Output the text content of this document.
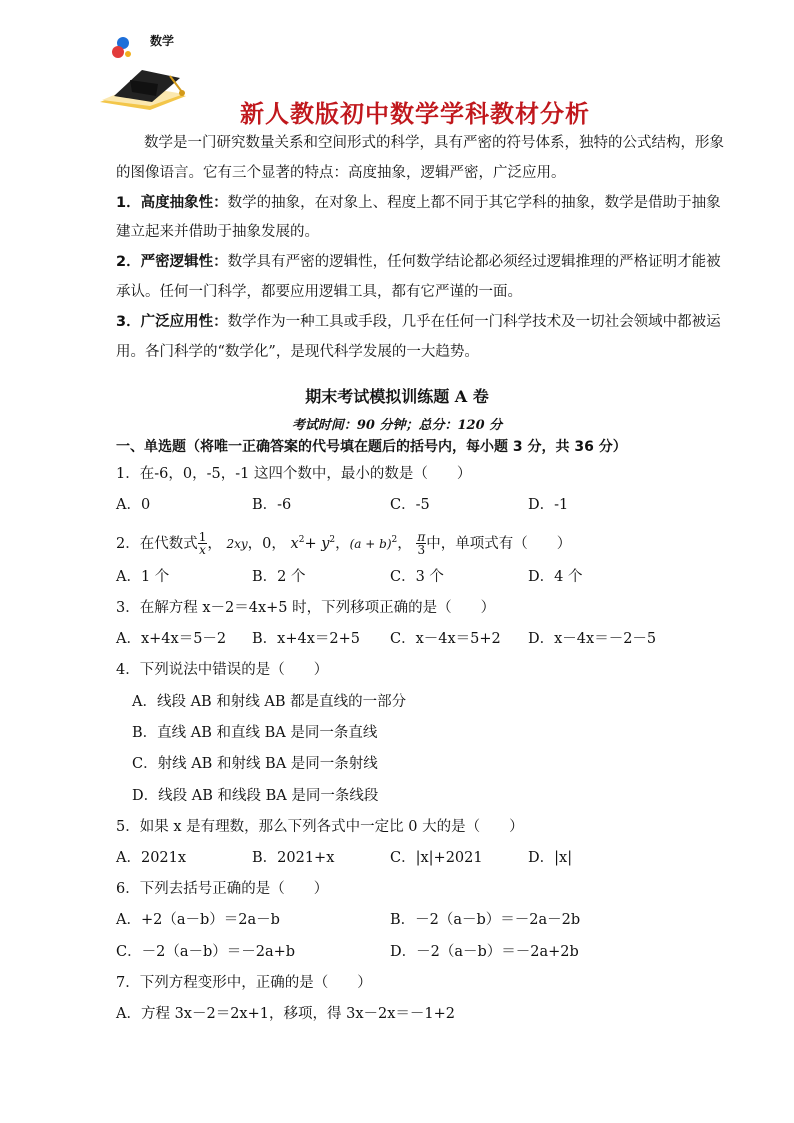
数学
新人教版初中数学学科教材分析
数学是一门研究数量关系和空间形式的科学，具有严密的符号体系，独特的公式结构，形象
的图像语言。它有三个显著的特点：高度抽象，逻辑严密，广泛应用。
1．高度抽象性：数学的抽象，在对象上、程度上都不同于其它学科的抽象，数学是借助于抽象
建立起来并借助于抽象发展的。
2．严密逻辑性：数学具有严密的逻辑性，任何数学结论都必须经过逻辑推理的严格证明才能被
承认。任何一门科学，都要应用逻辑工具，都有它严谨的一面。
3．广泛应用性：数学作为一种工具或手段，几乎在任何一门科学技术及一切社会领域中都被运
用。各门科学的“数学化”，是现代科学发展的一大趋势。
期末考试模拟训练题 A 卷
考试时间：90 分钟；总分：120 分
一、单选题（将唯一正确答案的代号填在题后的括号内，每小题 3 分，共 36 分）
1．在-6，0，-5，-1 这四个数中，最小的数是（　　）
A．0	B．-6	C．-5	D．-1
2．在代数式 $\frac{1}{x}$ ， 2xy，0， $x^2+ y^2$，$(a + b)^2$， $\frac{\pi}{3}$ 中，单项式有（　　）
A．1 个	B．2 个	C．3 个	D．4 个
3．在解方程 x－2＝4x+5 时，下列移项正确的是（　　）
A．x+4x＝5－2 B．x+4x＝2+5 C．x－4x＝5+2 D．x－4x＝－2－5
4．下列说法中错误的是（　　）
A．线段 AB 和射线 AB 都是直线的一部分
B．直线 AB 和直线 BA 是同一条直线
C．射线 AB 和射线 BA 是同一条射线
D．线段 AB 和线段 BA 是同一条线段
5．如果 x 是有理数，那么下列各式中一定比 0 大的是（　　）
A．2021x	B．2021+x	C．|x|+2021	D．|x|
6．下列去括号正确的是（　　）
A．+2（a－b）＝2a－b	B．－2（a－b）＝－2a－2b
C．－2（a－b）＝－2a+b	D．－2（a－b）＝－2a+2b
7．下列方程变形中，正确的是（　　）
A．方程 3x－2＝2x+1，移项，得 3x－2x＝－1+2
